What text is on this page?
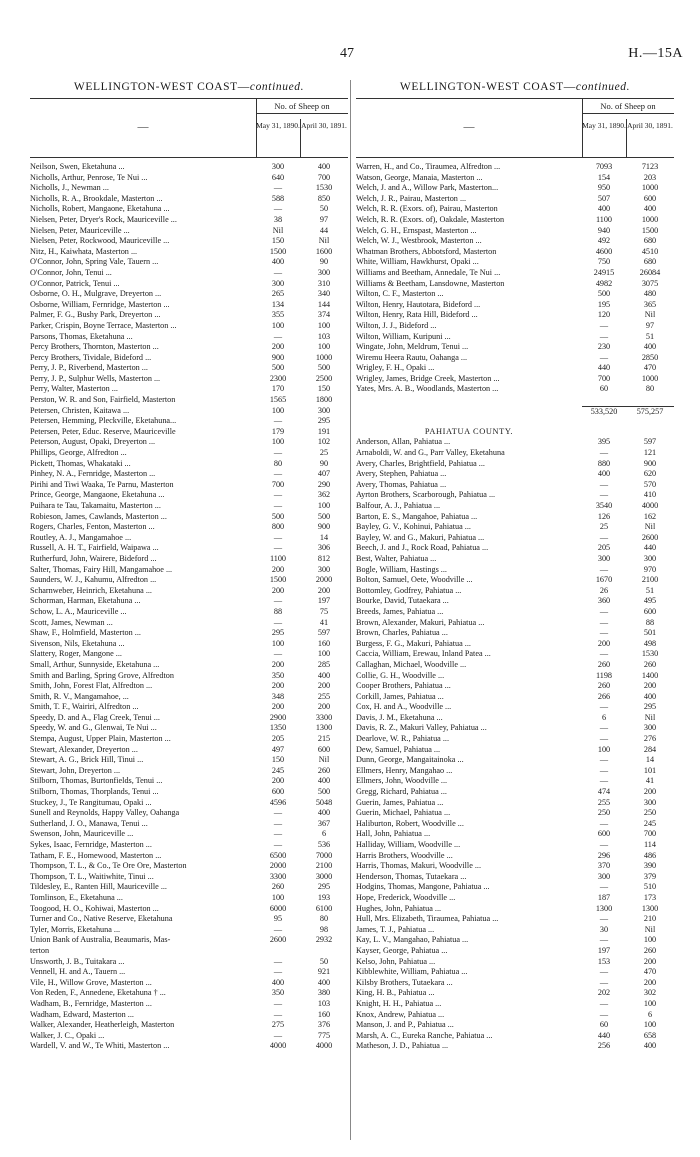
47	H.—15A
WELLINGTON-WEST COAST—continued.
—
No. of Sheep on
May 31, 1890. April 30, 1891.
Neilson, Swen, Eketahuna ...	300	400
Nicholls, Arthur, Penrose, Te Nui ...	640	700
Nicholls, J., Newman ...	—	1530
Nicholls, R. A., Brookdale, Masterton ...	588	850
Nicholls, Robert, Mangaone, Eketahuna ...	—	50
Nielsen, Peter, Dryer's Rock, Mauriceville ...	38	97
Nielsen, Peter, Mauriceville ...	Nil	44
Nielsen, Peter, Rockwood, Mauriceville ...	150	Nil
Nitz, H., Kaiwhata, Masterton ...	1500	1600
O'Connor, John, Spring Vale, Tauern ...	400	90
O'Connor, John, Tenui ...	—	300
O'Connor, Patrick, Tenui ...	300	310
Osborne, O. H., Mulgrave, Dreyerton ...	265	340
Osborne, William, Fernridge, Masterton ...	134	144
Palmer, F. G., Bushy Park, Dreyerton ...	355	374
Parker, Crispin, Boyne Terrace, Masterton ...	100	100
Parsons, Thomas, Eketahuna ...	—	103
Percy Brothers, Thornton, Masterton ...	200	100
Percy Brothers, Tividale, Bideford ...	900	1000
Perry, J. P., Riverbend, Masterton ...	500	500
Perry, J. P., Sulphur Wells, Masterton ...	2300	2500
Perry, Walter, Masterton ...	170	150
Perston, W. R. and Son, Fairfield, Masterton	1565	1800
Petersen, Christen, Kaitawa ...	100	300
Petersen, Hemming, Pleckville, Eketahuna...	—	295
Petersen, Peter, Educ. Reserve, Mauriceville	179	191
Peterson, August, Opaki, Dreyerton ...	100	102
Phillips, George, Alfredton ...	—	25
Pickett, Thomas, Whakataki ...	80	90
Pinhey, N. A., Fernridge, Masterton ...	—	407
Pirihi and Tiwi Waaka, Te Parnu, Masterton	700	290
Prince, George, Mangaone, Eketahuna ...	—	362
Puihara te Tau, Takamaitu, Masterton ...	—	100
Robieson, James, Cawlands, Masterton ...	500	500
Rogers, Charles, Fenton, Masterton ...	800	900
Routley, A. J., Mangamahoe ...	—	14
Russell, A. H. T., Fairfield, Waipawa ...	—	306
Rutherfurd, John, Wairere, Bideford ...	1100	812
Salter, Thomas, Fairy Hill, Mangamahoe ...	200	300
Saunders, W. J., Kahumu, Alfredton ...	1500	2000
Scharnweber, Heinrich, Eketahuna ...	200	200
Schorman, Harman, Eketahuna ...	—	197
Schow, L. A., Mauriceville ...	88	75
Scott, James, Newman ...	—	41
Shaw, F., Holmfield, Masterton ...	295	597
Sivenson, Nils, Eketahuna ...	100	160
Slattery, Roger, Mangone ...	—	100
Small, Arthur, Sunnyside, Eketahuna ...	200	285
Smith and Barling, Spring Grove, Alfredton	350	400
Smith, John, Forest Flat, Alfredton ...	200	200
Smith, R. V., Mangamahoe, ...	348	255
Smith, T. F., Wairiri, Alfredton ...	200	200
Speedy, D. and A., Flag Creek, Tenui ...	2900	3300
Speedy, W. and G., Glenwai, Te Nui ...	1350	1300
Stempa, August, Upper Plain, Masterton ...	205	215
Stewart, Alexander, Dreyerton ...	497	600
Stewart, A. G., Brick Hill, Tinui ...	150	Nil
Stewart, John, Dreyerton ...	245	260
Stilborn, Thomas, Burtonfields, Tenui ...	200	400
Stilborn, Thomas, Thorplands, Tenui ...	600	500
Stuckey, J., Te Rangitumau, Opaki ...	4596	5048
Sunell and Reynolds, Happy Valley, Oahanga	—	400
Sutherland, J. O., Manawa, Tenui ...	—	367
Swenson, John, Mauriceville ...	—	6
Sykes, Isaac, Fernridge, Masterton ...	—	536
Tatham, F. E., Homewood, Masterton ...	6500	7000
Thompson, T. L., & Co., Te Ore Ore, Masterton	2000	2100
Thompson, T. L., Waitiwhite, Tinui ...	3300	3000
Tildesley, E., Ranten Hill, Mauriceville ...	260	295
Tomlinson, E., Eketahuna ...	100	193
Toogood, H. O., Kohiwai, Masterton ...	6000	6100
Turner and Co., Native Reserve, Eketahuna	95	80
Tyler, Morris, Eketahuna ...	—	98
Union Bank of Australia, Beaumaris, Mas-	2600	2932
terton
Unsworth, J. B., Tuitakara ...	—	50
Vennell, H. and A., Tauern ...	—	921
Vile, H., Willow Grove, Masterton ...	400	400
Von Reden, F., Annedene, Eketahuna † ...	350	380
Wadham, B., Fernridge, Masterton ...	—	103
Wadham, Edward, Masterton ...	—	160
Walker, Alexander, Heatherleigh, Masterton	275	376
Walker, J. C., Opaki ...	—	775
Wardell, V. and W., Te Whiti, Masterton ...	4000	4000
WELLINGTON-WEST COAST—continued.
—
No. of Sheep on
May 31, 1890. April 30, 1891.
Warren, H., and Co., Tiraumea, Alfredton ...	7093	7123
Watson, George, Manaia, Masterton ...	154	203
Welch, J. and A., Willow Park, Masterton...	950	1000
Welch, J. R., Pairau, Masterton ...	507	600
Welch, R. R. (Exors. of), Pairau, Masterton	400	400
Welch, R. R. (Exors. of), Oakdale, Masterton	1100	1000
Welch, G. H., Ernspast, Masterton ...	940	1500
Welch, W. J., Westbrook, Masterton ...	492	680
Whatman Brothers, Abbotsford, Masterton	4600	4510
White, William, Hawkhurst, Opaki ...	750	680
Williams and Beetham, Annedale, Te Nui ...	24915	26084
Williams & Beetham, Lansdowne, Masterton	4982	3075
Wilton, C. F., Masterton ...	500	480
Wilton, Henry, Hautotara, Bideford ...	195	365
Wilton, Henry, Rata Hill, Bideford ...	120	Nil
Wilton, J. J., Bideford ...	—	97
Wilton, William, Kuripuni ...	—	51
Wingate, John, Meldrum, Tenui ...	230	400
Wiremu Heera Rautu, Oahanga ...	—	2850
Wrigley, F. H., Opaki ...	440	470
Wrigley, James, Bridge Creek, Masterton ...	700	1000
Yates, Mrs. A. B., Woodlands, Masterton ...	60	80
533,520	575,257
PAHIATUA COUNTY.
Anderson, Allan, Pahiatua ...	395	597
Arnaboldi, W. and G., Parr Valley, Eketahuna	—	121
Avery, Charles, Brightfield, Pahiatua ...	880	900
Avery, Stephen, Pahiatua ...	400	620
Avery, Thomas, Pahiatua ...	—	570
Ayrton Brothers, Scarborough, Pahiatua ...	—	410
Balfour, A. J., Pahiatua ...	3540	4000
Barton, E. S., Mangahoe, Pahiatua ...	126	162
Bayley, G. V., Kohinui, Pahiatua ...	25	Nil
Bayley, W. and G., Makuri, Pahiatua ...	—	2600
Beech, J. and J., Rock Road, Pahiatua ...	205	440
Best, Walter, Pahiatua ...	300	300
Bogle, William, Hastings ...	—	970
Bolton, Samuel, Oete, Woodville ...	1670	2100
Bottomley, Godfrey, Pahiatua ...	26	51
Bourke, David, Tutaekara ...	360	495
Breeds, James, Pahiatua ...	—	600
Brown, Alexander, Makuri, Pahiatua ...	—	88
Brown, Charles, Pahiatua ...	—	501
Burgess, F. G., Makuri, Pahiatua ...	200	498
Caccia, William, Erewau, Inland Patea ...	—	1530
Callaghan, Michael, Woodville ...	260	260
Collie, G. H., Woodville ...	1198	1400
Cooper Brothers, Pahiatua ...	260	200
Corkill, James, Pahiatua ...	266	400
Cox, H. and A., Woodville ...	—	295
Davis, J. M., Eketahuna ...	6	Nil
Davis, R. Z., Makuri Valley, Pahiatua ...	—	300
Dearlove, W. R., Pahiatua ...	—	276
Dew, Samuel, Pahiatua ...	100	284
Dunn, George, Mangaitainoka ...	—	14
Ellmers, Henry, Mangahao ...	—	101
Ellmers, John, Woodville ...	—	41
Gregg, Richard, Pahiatua ...	474	200
Guerin, James, Pahiatua ...	255	300
Guerin, Michael, Pahiatua ...	250	250
Haliburton, Robert, Woodville ...	—	245
Hall, John, Pahiatua ...	600	700
Halliday, William, Woodville ...	—	114
Harris Brothers, Woodville ...	296	486
Harris, Thomas, Makuri, Woodville ...	370	390
Henderson, Thomas, Tutaekara ...	300	379
Hodgins, Thomas, Mangone, Pahiatua ...	—	510
Hope, Frederick, Woodville ...	187	173
Hughes, John, Pahiatua ...	1300	1300
Hull, Mrs. Elizabeth, Tiraumea, Pahiatua ...	—	210
James, T. J., Pahiatua ...	30	Nil
Kay, L. V., Mangahao, Pahiatua ...	—	100
Kayser, George, Pahiatua ...	197	260
Kelso, John, Pahiatua ...	153	200
Kibblewhite, William, Pahiatua ...	—	470
Kilsby Brothers, Tutaekara ...	—	200
King, H. B., Pahiatua ...	202	302
Knight, H. H., Pahiatua ...	—	100
Knox, Andrew, Pahiatua ...	—	6
Manson, J. and P., Pahiatua ...	60	100
Marsh, A. C., Eureka Ranche, Pahiatua ...	440	658
Matheson, J. D., Pahiatua ...	256	400
